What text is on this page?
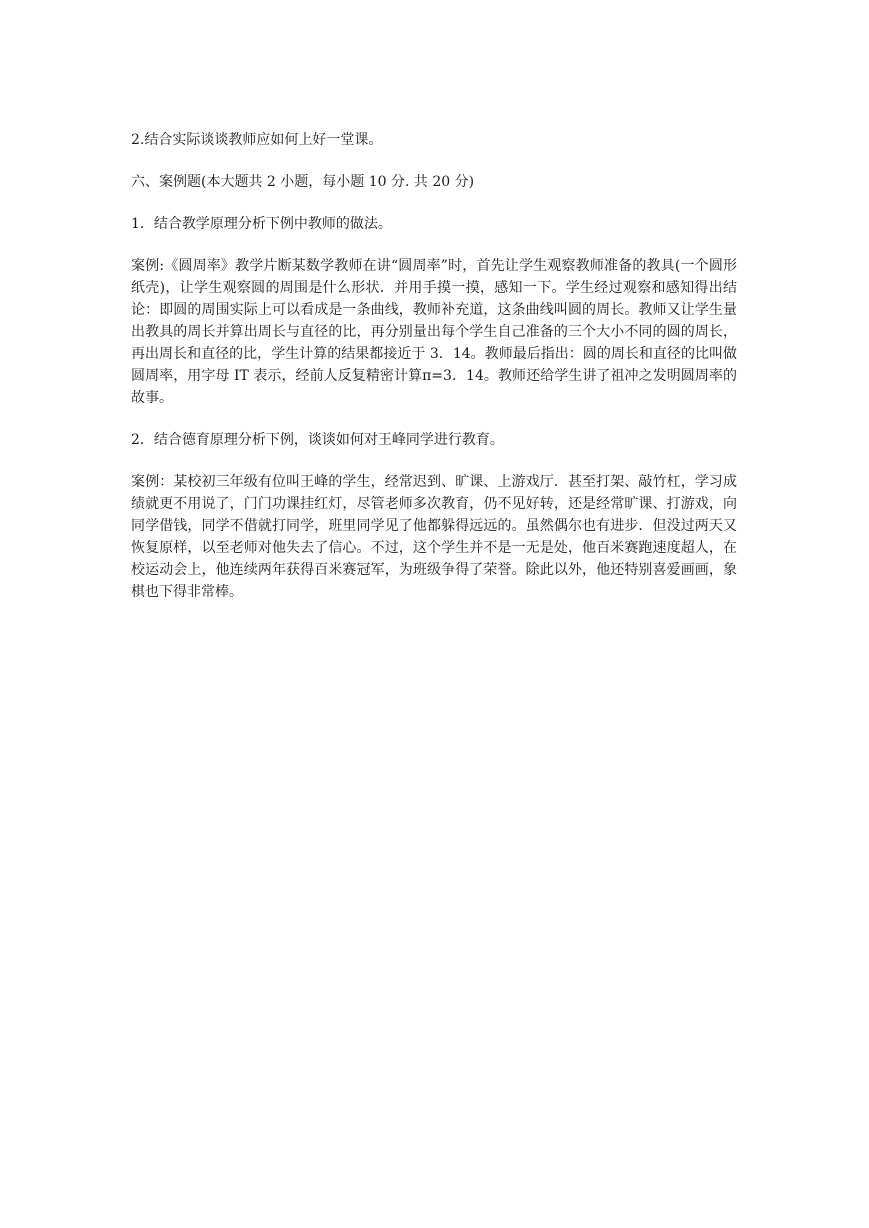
2.结合实际谈谈教师应如何上好一堂课。

六、案例题(本大题共 2 小题，每小题 10 分. 共 20 分)

1．结合教学原理分析下例中教师的做法。

案例:《圆周率》教学片断某数学教师在讲“圆周率”时，首先让学生观察教师准备的教具(一个圆形纸壳)，让学生观察圆的周围是什么形状．并用手摸一摸，感知一下。学生经过观察和感知得出结论：即圆的周围实际上可以看成是一条曲线，教师补充道，这条曲线叫圆的周长。教师又让学生量出教具的周长并算出周长与直径的比，再分别量出每个学生自己准备的三个大小不同的圆的周长，再出周长和直径的比，学生计算的结果都接近于 3．14。教师最后指出：圆的周长和直径的比叫做圆周率，用字母 IT 表示，经前人反复精密计算π=3．14。教师还给学生讲了祖冲之发明圆周率的故事。

2．结合德育原理分析下例，谈谈如何对王峰同学进行教育。

案例：某校初三年级有位叫王峰的学生，经常迟到、旷课、上游戏厅．甚至打架、敲竹杠，学习成绩就更不用说了，门门功课挂红灯，尽管老师多次教育，仍不见好转，还是经常旷课、打游戏，向同学借钱，同学不借就打同学，班里同学见了他都躲得远远的。虽然偶尔也有进步．但没过两天又恢复原样，以至老师对他失去了信心。不过，这个学生并不是一无是处，他百米赛跑速度超人，在校运动会上，他连续两年获得百米赛冠军，为班级争得了荣誉。除此以外，他还特别喜爱画画，象棋也下得非常棒。
